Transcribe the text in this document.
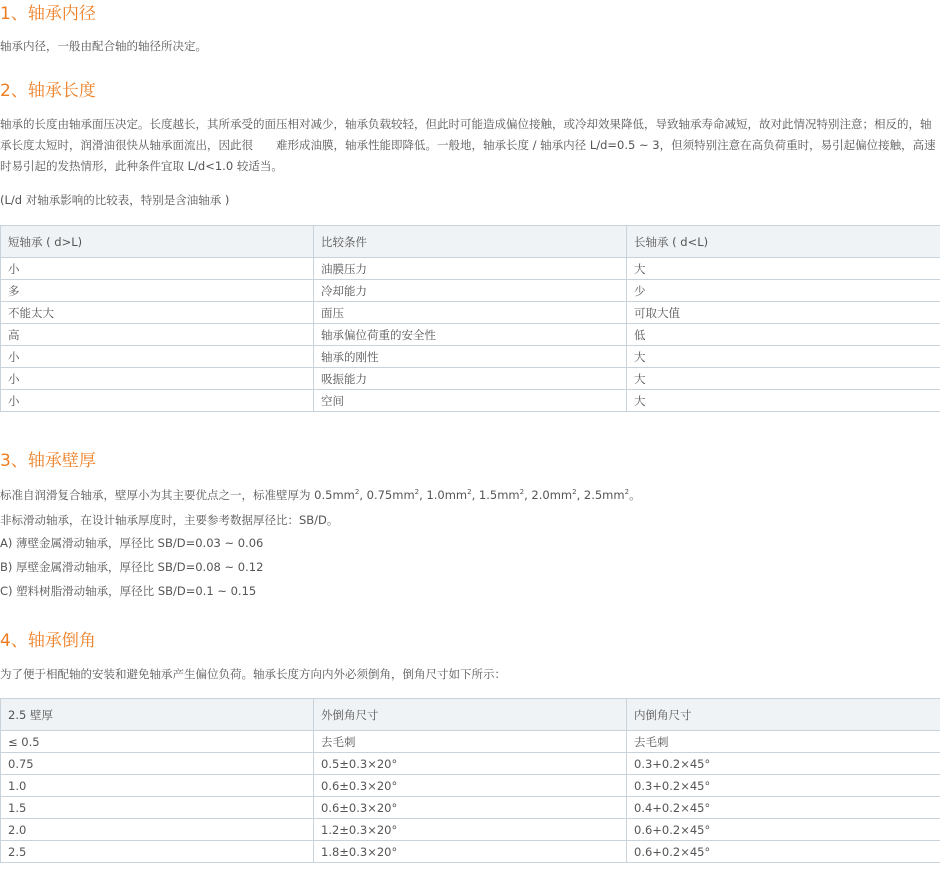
1、轴承内径

轴承内径，一般由配合轴的轴径所决定。

2、轴承长度

轴承的长度由轴承面压决定。长度越长，其所承受的面压相对减少，轴承负载较轻，但此时可能造成偏位接触，或冷却效果降低，导致轴承寿命减短，故对此情况特别注意；相反的，轴承长度太短时，润滑油很快从轴承面流出，因此很　　难形成油膜，轴承性能即降低。一般地，轴承长度 / 轴承内径 L/d=0.5 ~ 3，但须特别注意在高负荷重时，易引起偏位接触，高速时易引起的发热情形，此种条件宜取 L/d<1.0 较适当。

(L/d 对轴承影响的比较表，特别是含油轴承 )

短轴承 ( d>L)	比较条件	长轴承 ( d<L)
小	油膜压力	大
多	冷却能力	少
不能太大	面压	可取大值
高	轴承偏位荷重的安全性	低
小	轴承的刚性	大
小	吸振能力	大
小	空间	大
3、轴承壁厚

标准自润滑复合轴承，壁厚小为其主要优点之一，标准壁厚为 $0.5mm^2$, $0.75mm^2$, $1.0mm^2$, $1.5mm^2$, $2.0mm^2$, $2.5mm^2$。

非标滑动轴承，在设计轴承厚度时，主要参考数据厚径比：SB/D。

A) 薄壁金属滑动轴承，厚径比 SB/D=0.03 ~ 0.06

B) 厚壁金属滑动轴承，厚径比 SB/D=0.08 ~ 0.12

C) 塑料树脂滑动轴承，厚径比 SB/D=0.1 ~ 0.15

4、轴承倒角

为了便于相配轴的安装和避免轴承产生偏位负荷。轴承长度方向内外必须倒角，倒角尺寸如下所示：

2.5 壁厚	外倒角尺寸	内倒角尺寸
≤ 0.5	去毛刺	去毛刺
0.75	0.5±0.3×20°	0.3+0.2×45°
1.0	0.6±0.3×20°	0.3+0.2×45°
1.5	0.6±0.3×20°	0.4+0.2×45°
2.0	1.2±0.3×20°	0.6+0.2×45°
2.5	1.8±0.3×20°	0.6+0.2×45°
